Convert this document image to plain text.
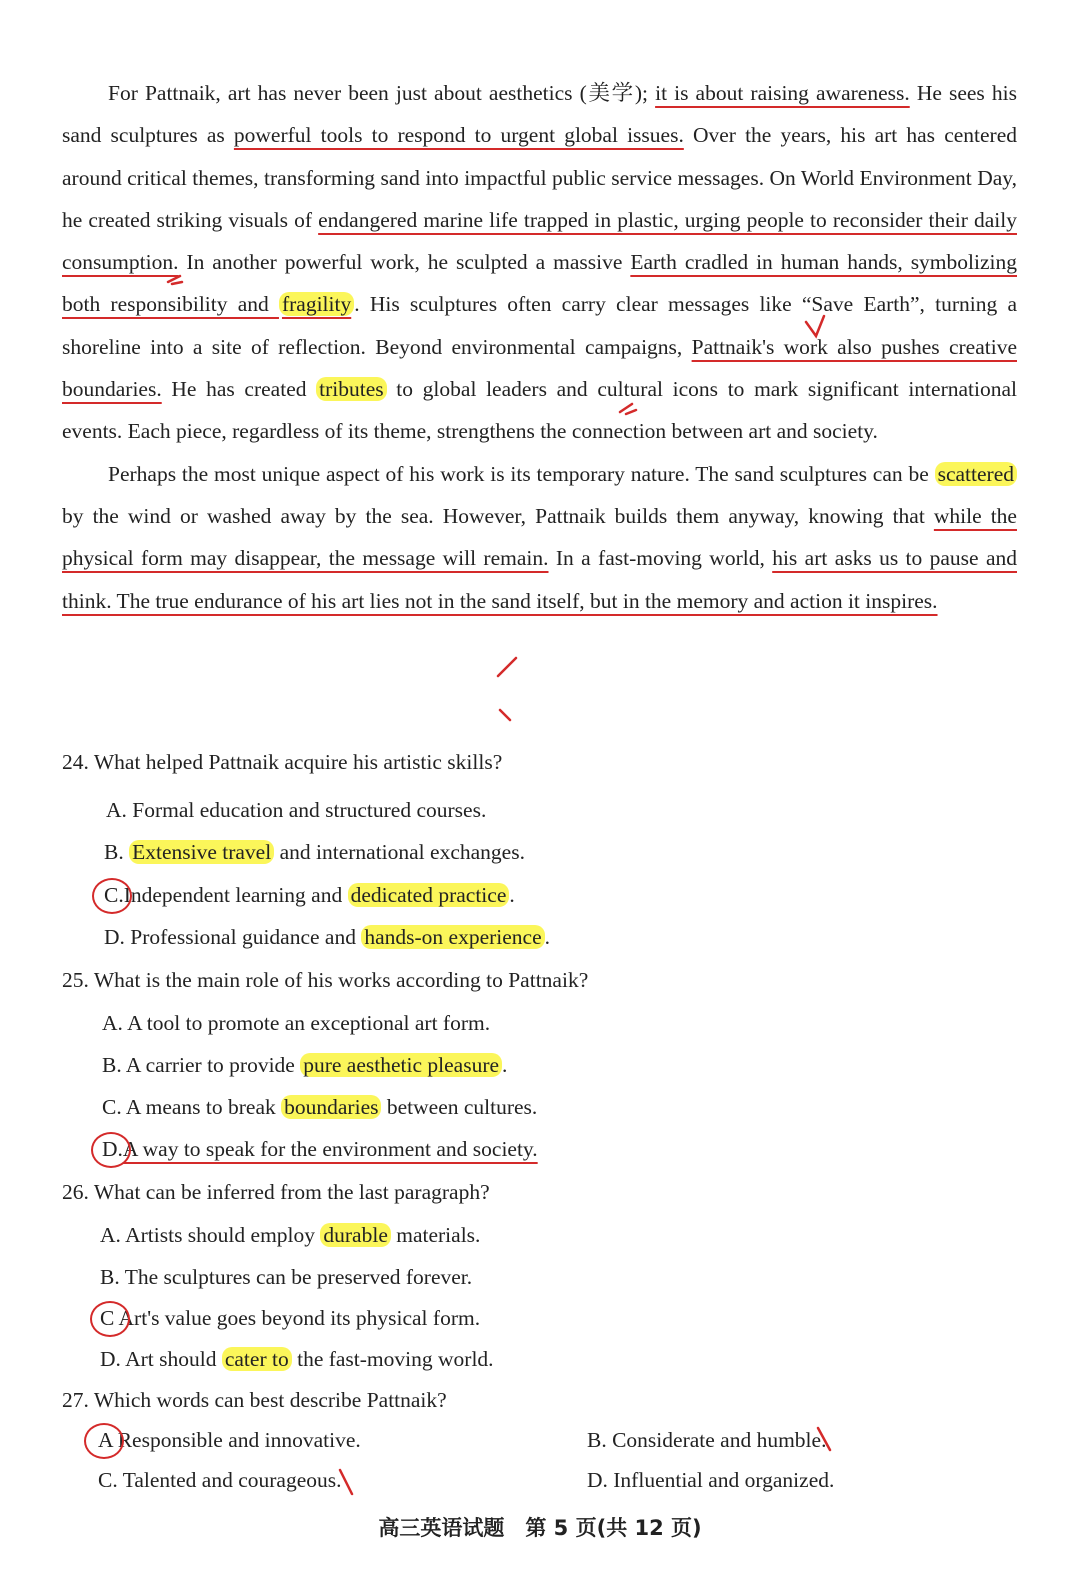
For Pattnaik, art has never been just about aesthetics (美学); it is about raising awareness. He sees his sand sculptures as powerful tools to respond to urgent global issues. Over the years, his art has centered around critical themes, transforming sand into impactful public service messages. On World Environment Day, he created striking visuals of endangered marine life trapped in plastic, urging people to reconsider their daily consumption. In another powerful work, he sculpted a massive Earth cradled in human hands, symbolizing both responsibility and fragility . His sculptures often carry clear messages like “Save Earth”, turning a shoreline into a site of reflection. Beyond environmental campaigns, Pattnaik's work also pushes creative boundaries. He has created tributes to global leaders and cultural icons to mark significant international events. Each piece, regardless of its theme, strengthens the connection between art and society.

Perhaps the most unique aspect of his work is its temporary nature. The sand sculptures can be scattered by the wind or washed away by the sea. However, Pattnaik builds them anyway, knowing that while the physical form may disappear, the message will remain. In a fast-moving world, his art asks us to pause and think. The true endurance of his art lies not in the sand itself, but in the memory and action it inspires.

24. What helped Pattnaik acquire his artistic skills?
A. Formal education and structured courses.
B. Extensive travel and international exchanges.
C.Independent learning and dedicated practice .
D. Professional guidance and hands-on experience .
25. What is the main role of his works according to Pattnaik?
A. A tool to promote an exceptional art form.
B. A carrier to provide pure aesthetic pleasure .
C. A means to break boundaries between cultures.
D.A way to speak for the environment and society.
26. What can be inferred from the last paragraph?
A. Artists should employ durable materials.
B. The sculptures can be preserved forever.
C Art's value goes beyond its physical form.
D. Art should cater to the fast-moving world.
27. Which words can best describe Pattnaik?
A Responsible and innovative.	B. Considerate and humble.
C. Talented and courageous.	D. Influential and organized.
高三英语试题　第 5 页(共 12 页)
